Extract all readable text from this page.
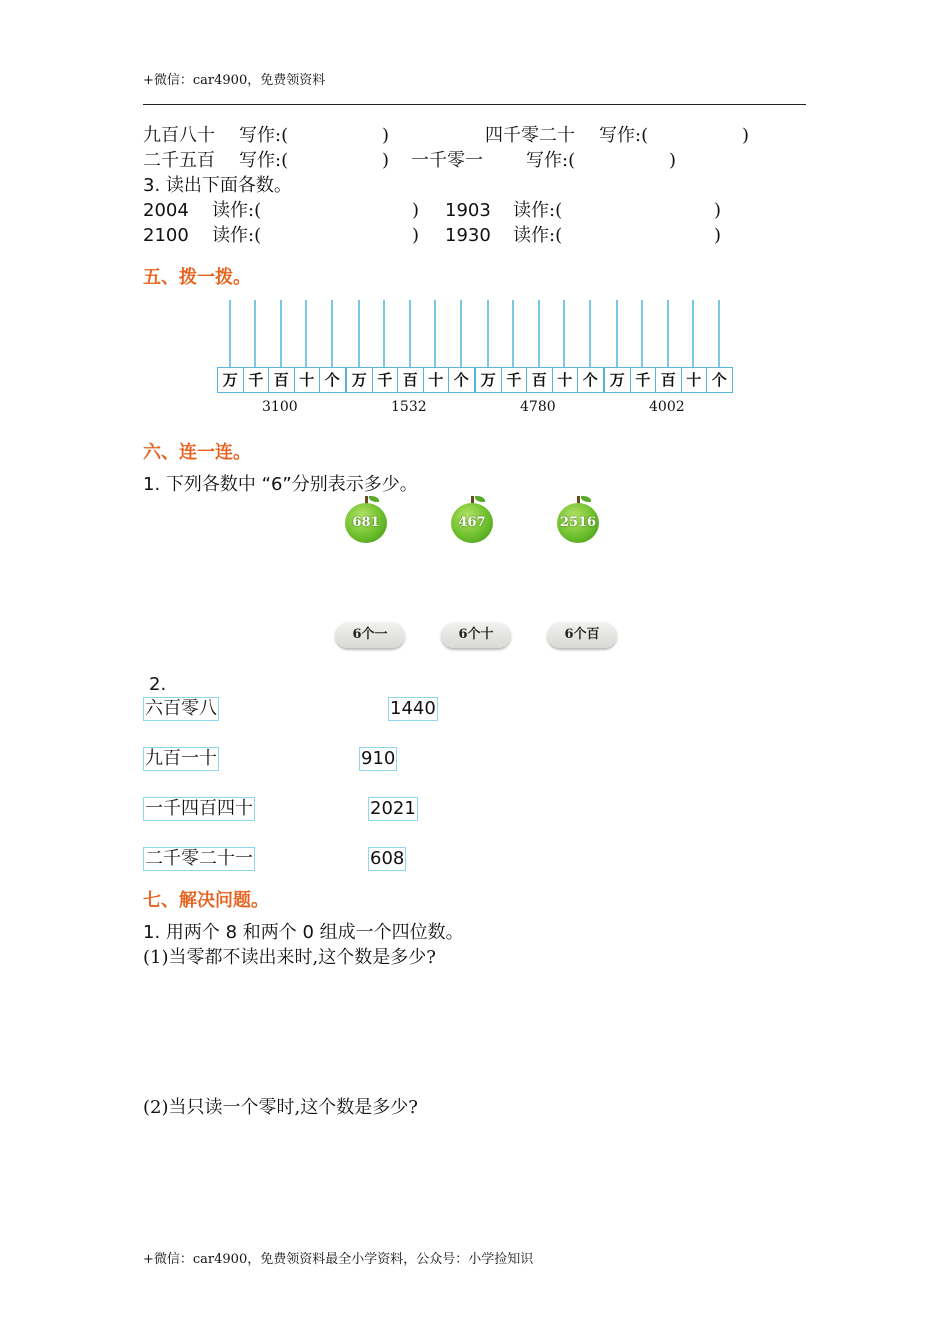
+微信：car4900，免费领资料
九百八十 写作:(	)	四千零二十 写作:(	)
二千五百 写作:(	) 一千零一 写作:(	)
3. 读出下面各数。
2004 读作:(	) 1903 读作:(	)
2100 读作:(	) 1930 读作:(	)
五、拨一拨。
万 千 百 十 个
3100
万 千 百 十 个
1532
万 千 百 十 个
4780
万 千 百 十 个
4002
六、连一连。
1. 下列各数中 “6”分别表示多少。
681	467	2516
6个一	6个十	6个百
2.
六百零八	1440
九百一十	910
一千四百四十	2021
二千零二十一	608
七、解决问题。
1. 用两个 8 和两个 0 组成一个四位数。
(1)当零都不读出来时,这个数是多少?
(2)当只读一个零时,这个数是多少?
+微信：car4900，免费领资料最全小学资料，公众号：小学捡知识
